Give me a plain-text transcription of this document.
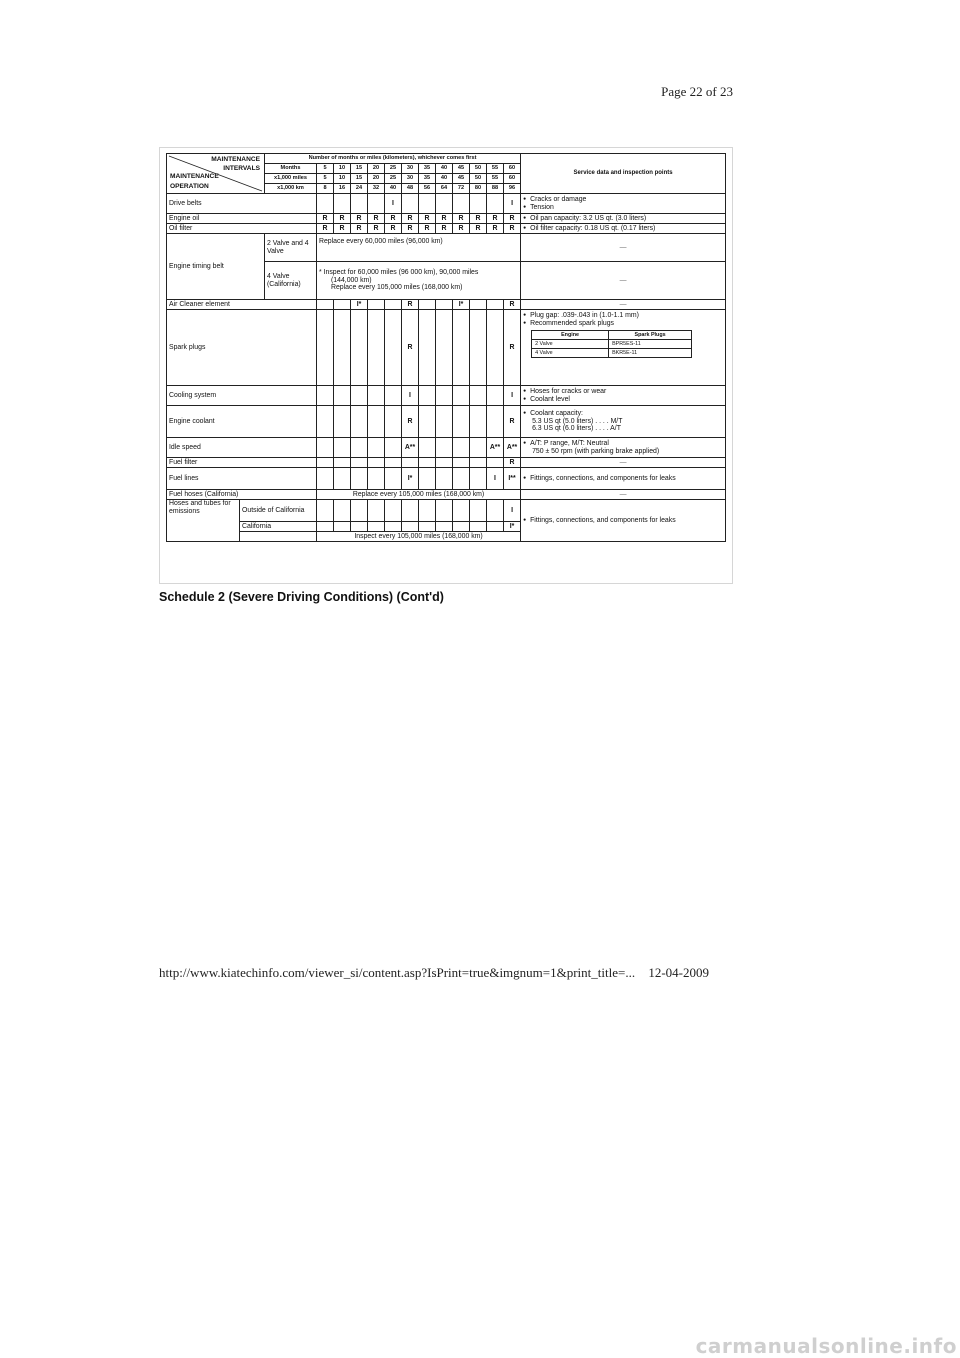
Page 22 of 23
MAINTENANCE
INTERVALS
MAINTENANCE
OPERATION
	Number of months or miles (kilometers), whichever comes first	Service data and inspection points
Months	5	10	15	20	25	30	35	40	45	50	55	60
x1,000 miles	5	10	15	20	25	30	35	40	45	50	55	60
x1,000 km	8	16	24	32	40	48	56	64	72	80	88	96
Drive belts					I							I	
● Cracks or damage
● Tension

Engine oil	R	R	R	R	R	R	R	R	R	R	R	R	
●Oil pan capacity: 3.2 US qt. (3.0 liters)

Oil filter	R	R	R	R	R	R	R	R	R	R	R	R	
●Oil filter capacity: 0.18 US qt. (0.17 liters)

Engine timing belt	2 Valve and 4 Valve	Replace every 60,000 miles (96,000 km)	—
4 Valve (California)	
* Inspect for 60,000 miles (96 000 km), 90,000 miles
(144,000 km)
Replace every 105,000 miles (168,000 km)
	—
Air Cleaner element			I*			R			I*			R	—
Spark plugs						R						R	
● Plug gap: .039-.043 in (1.0-1.1 mm)
● Recommended spark plugs
Engine	Spark Plugs
2 Valve	BPR5ES-11
4 Valve	BKR5E-11

Cooling system						I						I	
● Hoses for cracks or wear
● Coolant level

Engine coolant						R						R	
● Coolant capacity:
5.3 US qt (5.0 liters) . . . . M/T
6.3 US qt (6.0 liters) . . . . A/T

Idle speed						A**					A**	A**	
● A/T: P range, M/T: Neutral
750 ± 50 rpm (with parking brake applied)

Fuel filter												R	—
Fuel lines						I*					I	I**	
●Fittings, connections, and components for leaks

Fuel hoses (California)	Replace every 105,000 miles (168,000 km)	—
Hoses and tubes for emissions	Outside of California												I	
● Fittings, connections, and components for leaks

California												I*
	Inspect every 105,000 miles (168,000 km)
Schedule 2 (Severe Driving Conditions) (Cont'd)
http://www.kiatechinfo.com/viewer_si/content.asp?IsPrint=true&imgnum=1&print_title=... 12-04-2009
carmanualsonline.info
